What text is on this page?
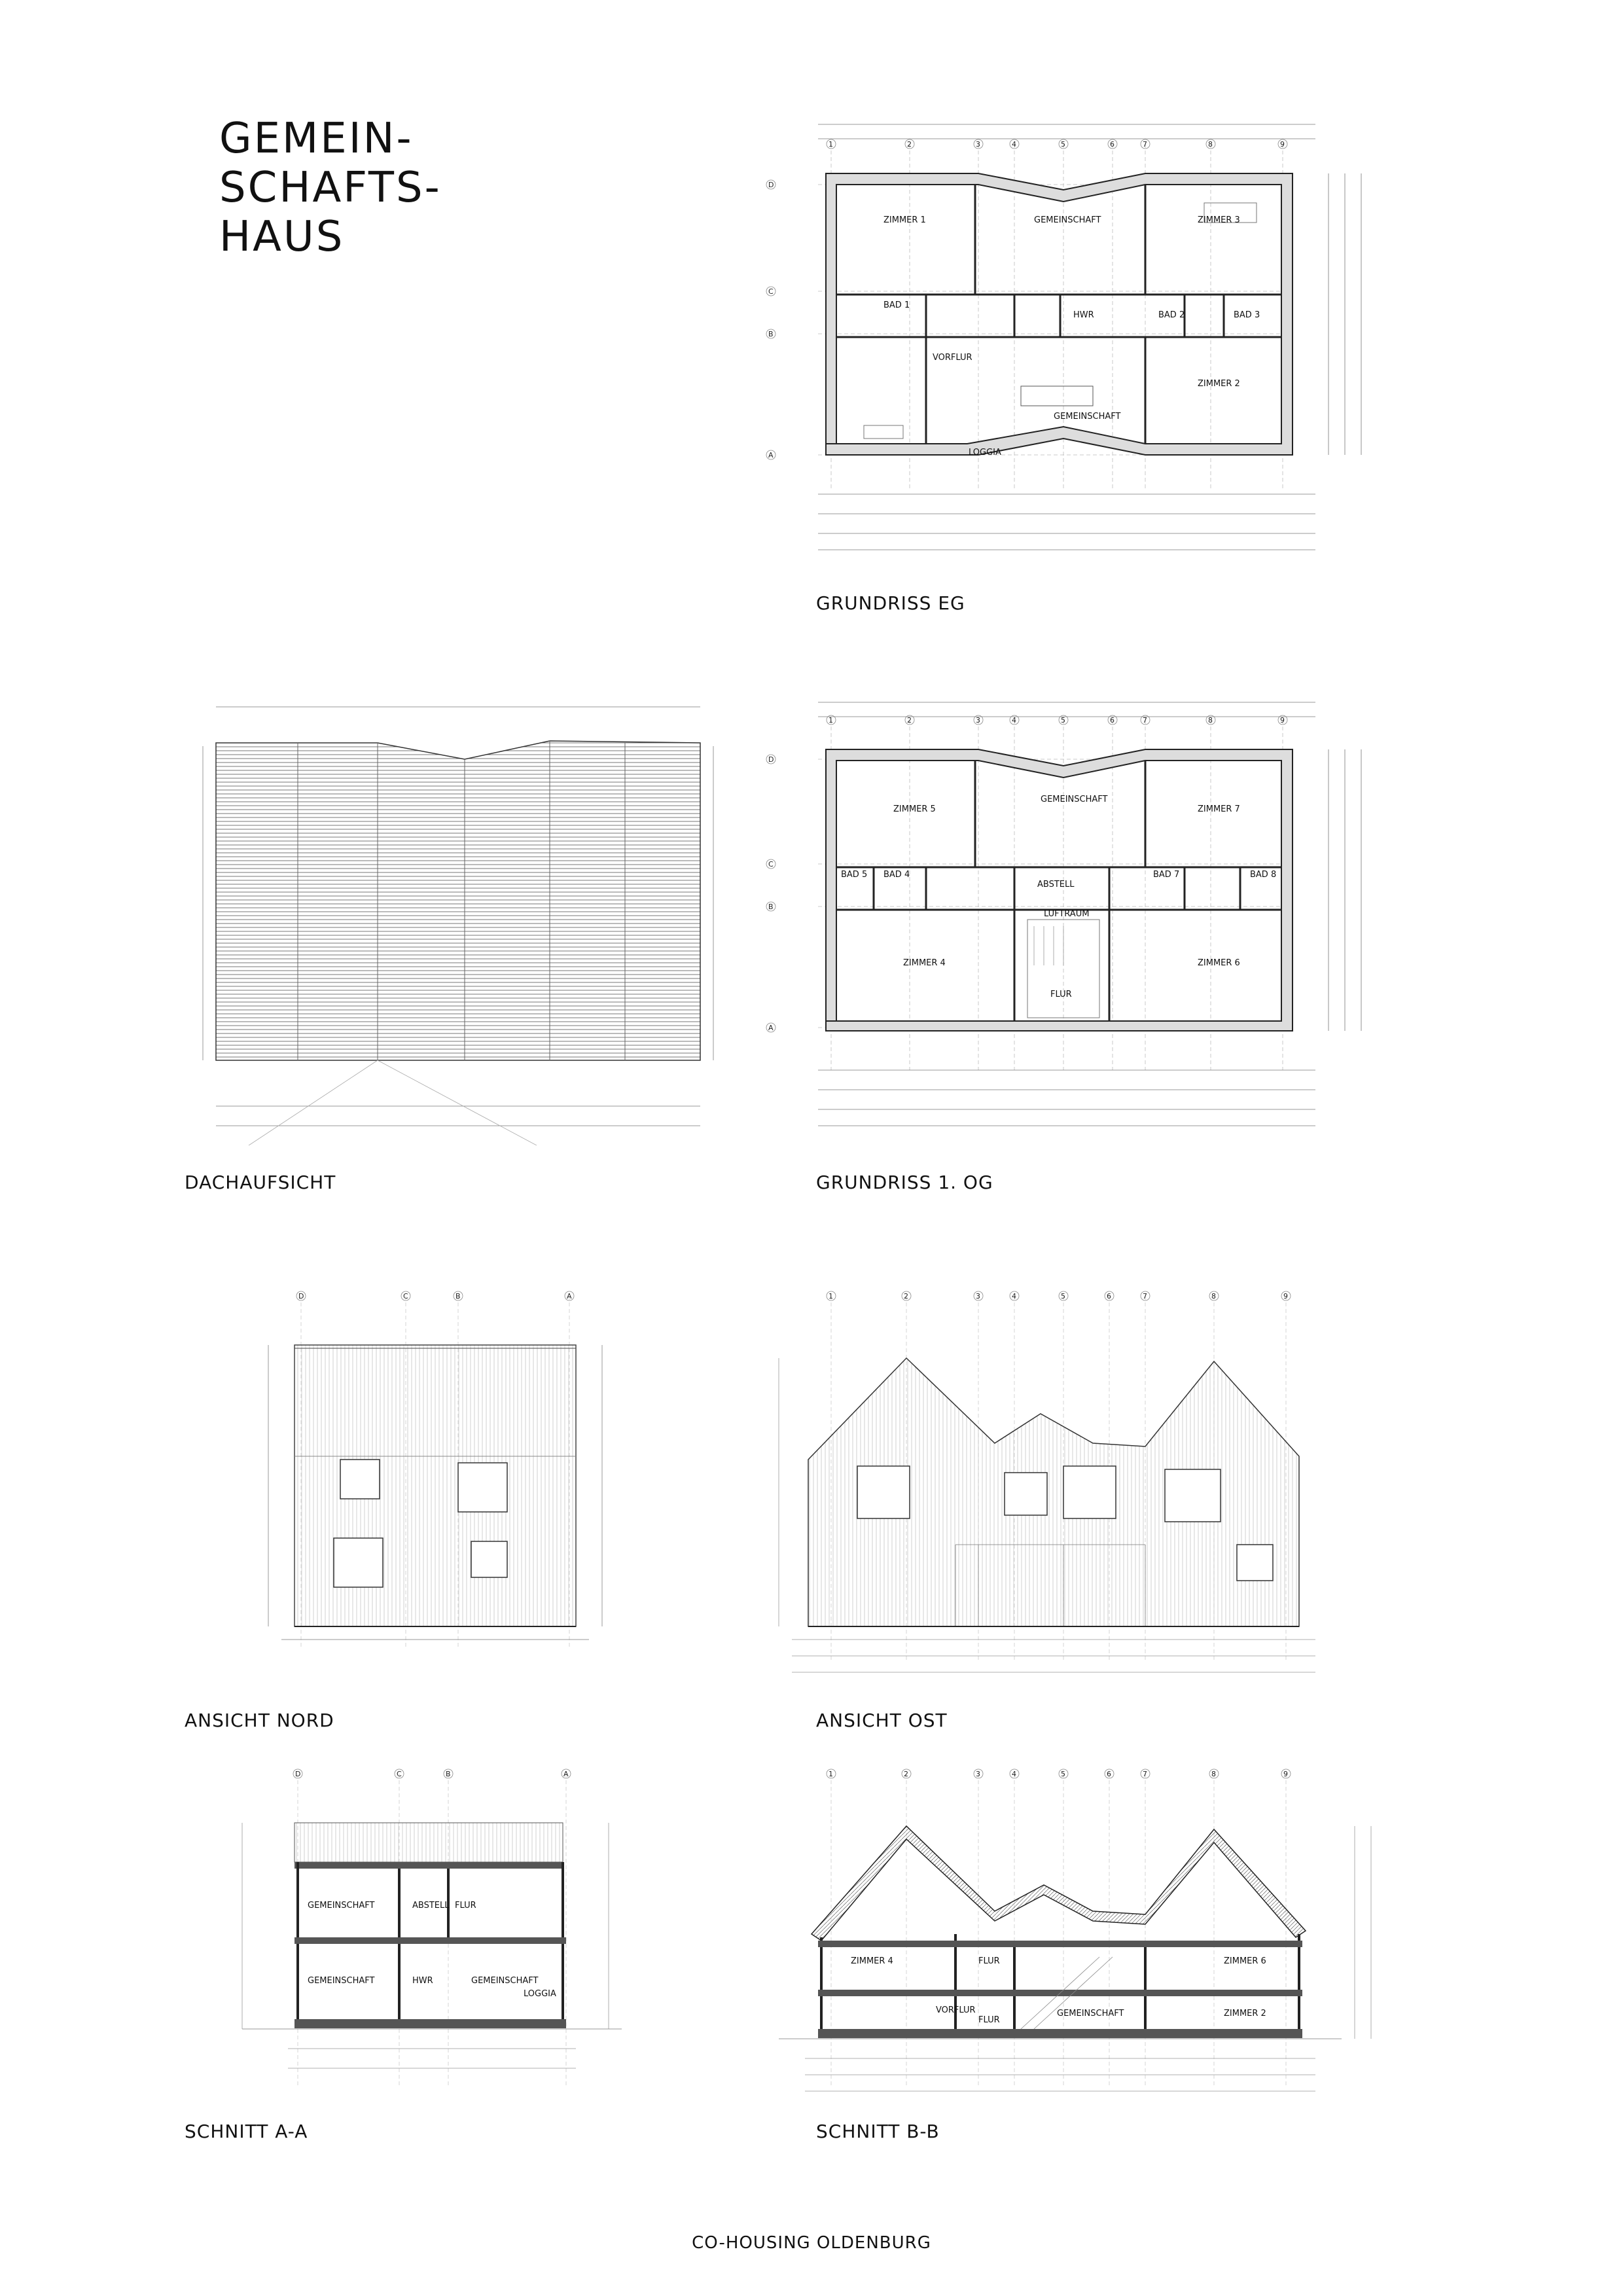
GEMEIN-
SCHAFTS-
HAUS
1	2	3	4	5	6	7	8	9
D
C
B
A
ZIMMER 1	GEMEINSCHAFT	ZIMMER 3
BAD 1
HWR	BAD 2	BAD 3
VORFLUR
ZIMMER 2
GEMEINSCHAFT
LOGGIA
GRUNDRISS EG
DACHAUFSICHT
1	2	3	4	5	6	7	8	9
D
C
B
A
ZIMMER 5
GEMEINSCHAFT
ZIMMER 7
BAD 5 BAD 4
ABSTELL
BAD 7	BAD 8
ZIMMER 4
LUFTRAUM
FLUR
ZIMMER 6
GRUNDRISS 1. OG
D	C	B	A
ANSICHT NORD
1	2	3	4	5	6	7	8	9
ANSICHT OST
D	C	B	A
GEMEINSCHAFT	ABSTELL FLUR
GEMEINSCHAFT	HWR	GEMEINSCHAFT
LOGGIA
SCHNITT A-A
1	2	3	4	5	6	7	8	9
ZIMMER 4	FLUR	ZIMMER 6
VORFLUR
FLUR
GEMEINSCHAFT	ZIMMER 2
SCHNITT B-B
CO-HOUSING OLDENBURG
